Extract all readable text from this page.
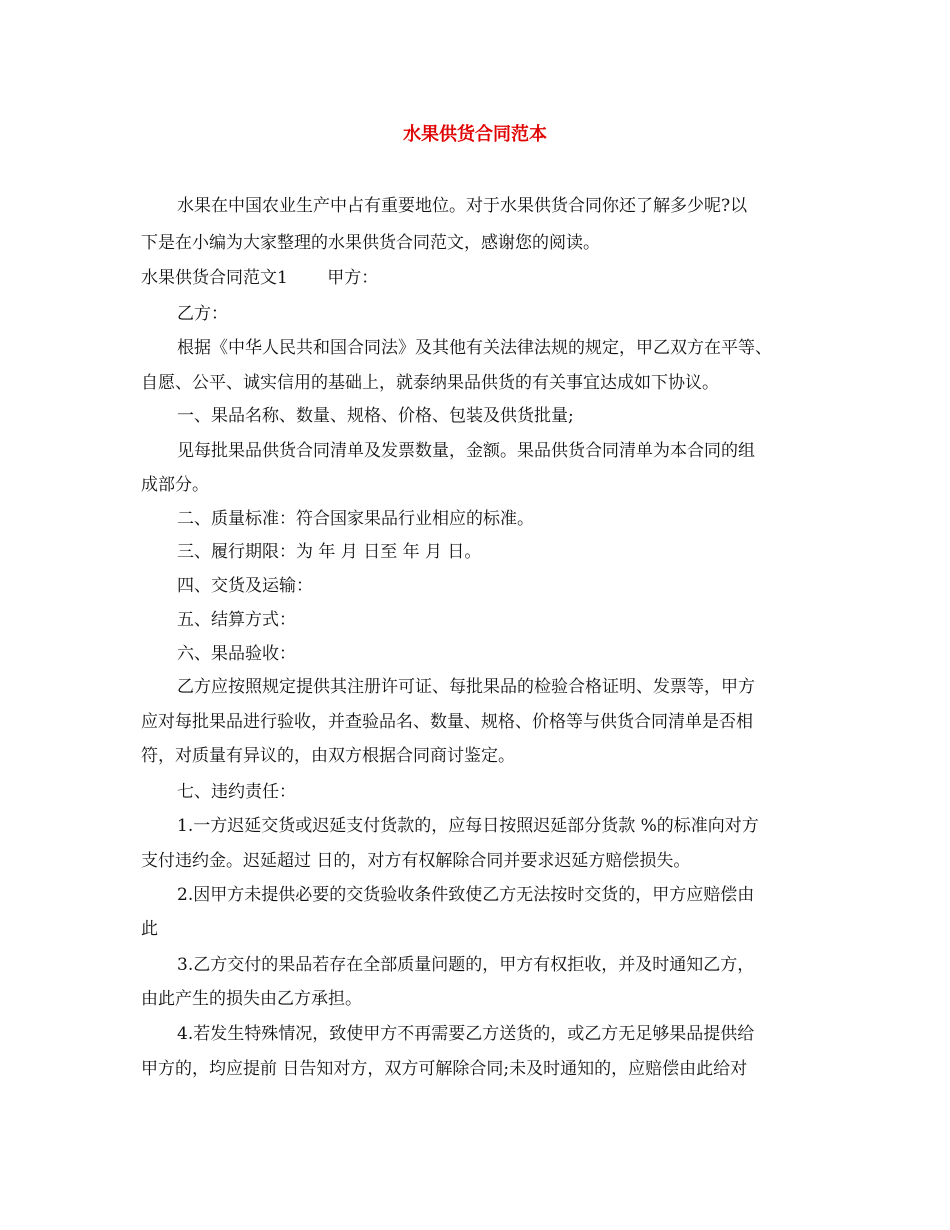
水果供货合同范本
水果在中国农业生产中占有重要地位。对于水果供货合同你还了解多少呢?以
下是在小编为大家整理的水果供货合同范文，感谢您的阅读。
水果供货合同范文1　　 甲方：
乙方：
根据《中华人民共和国合同法》及其他有关法律法规的规定，甲乙双方在平等、
自愿、公平、诚实信用的基础上，就泰纳果品供货的有关事宜达成如下协议。
一、果品名称、数量、规格、价格、包装及供货批量;
见每批果品供货合同清单及发票数量，金额。果品供货合同清单为本合同的组
成部分。
二、质量标准：符合国家果品行业相应的标准。
三、履行期限：为 年 月 日至 年 月 日。
四、交货及运输：
五、结算方式：
六、果品验收：
乙方应按照规定提供其注册许可证、每批果品的检验合格证明、发票等，甲方
应对每批果品进行验收，并查验品名、数量、规格、价格等与供货合同清单是否相
符，对质量有异议的，由双方根据合同商讨鉴定。
七、违约责任：
1.一方迟延交货或迟延支付货款的，应每日按照迟延部分货款 %的标准向对方
支付违约金。迟延超过 日的，对方有权解除合同并要求迟延方赔偿损失。
2.因甲方未提供必要的交货验收条件致使乙方无法按时交货的，甲方应赔偿由
此
3.乙方交付的果品若存在全部质量问题的，甲方有权拒收，并及时通知乙方，
由此产生的损失由乙方承担。
4.若发生特殊情况，致使甲方不再需要乙方送货的，或乙方无足够果品提供给
甲方的，均应提前 日告知对方，双方可解除合同;未及时通知的，应赔偿由此给对
